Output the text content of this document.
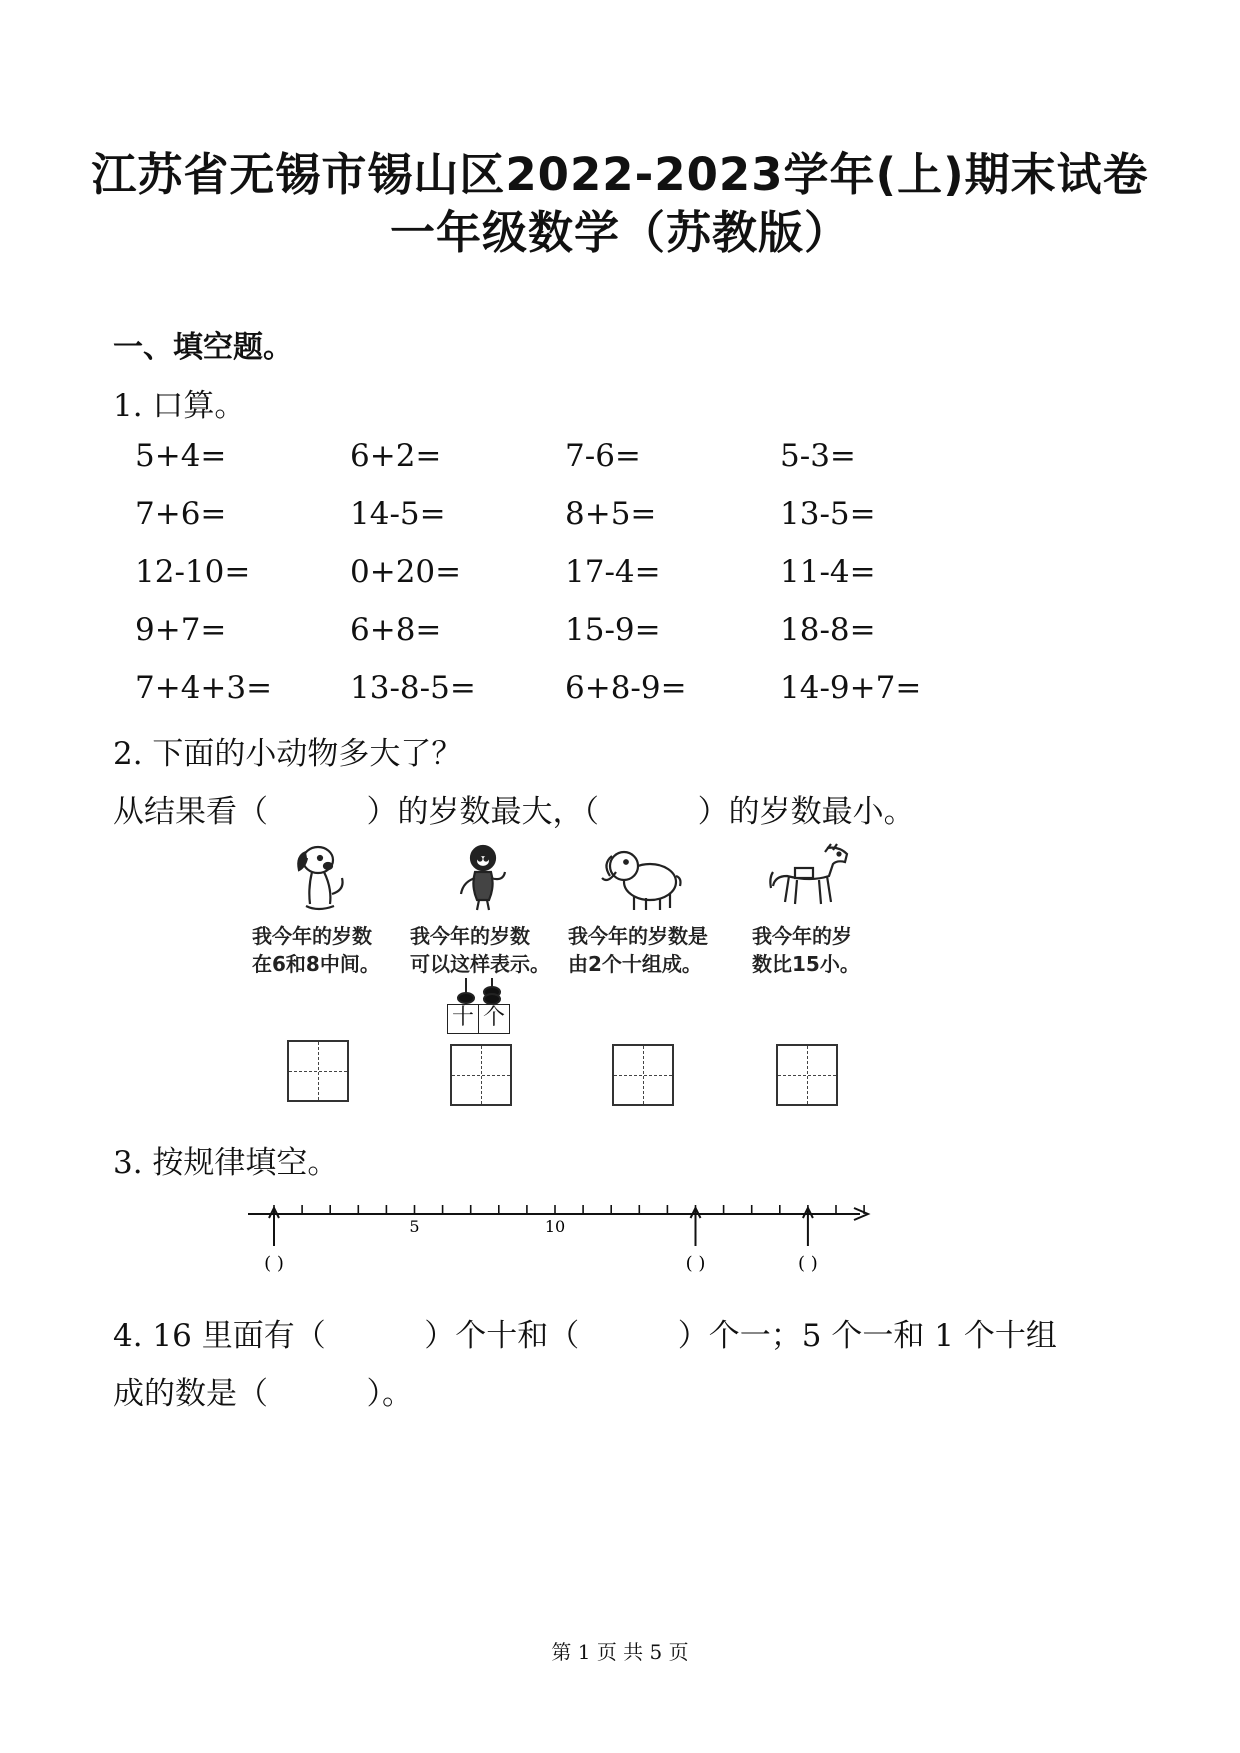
江苏省无锡市锡山区2022-2023学年(上)期末试卷
一年级数学（苏教版）
一、填空题。
1. 口算。
5+4=	6+2=	7-6=	5-3=
7+6=	14-5=	8+5=	13-5=
12-10=	0+20=	17-4=	11-4=
9+7=	6+8=	15-9=	18-8=
7+4+3=	13-8-5=	6+8-9=	14-9+7=
2. 下面的小动物多大了？
从结果看（          ）的岁数最大，（          ）的岁数最小。
我今年的岁数
在6和8中间。
我今年的岁数
可以这样表示。
我今年的岁数是
由2个十组成。
我今年的岁
数比15小。
十 个
3. 按规律填空。
5	10
( )	( )	( )
4. 16 里面有（          ）个十和（          ）个一；5 个一和 1 个十组
成的数是（          ）。
第 1 页 共 5 页
